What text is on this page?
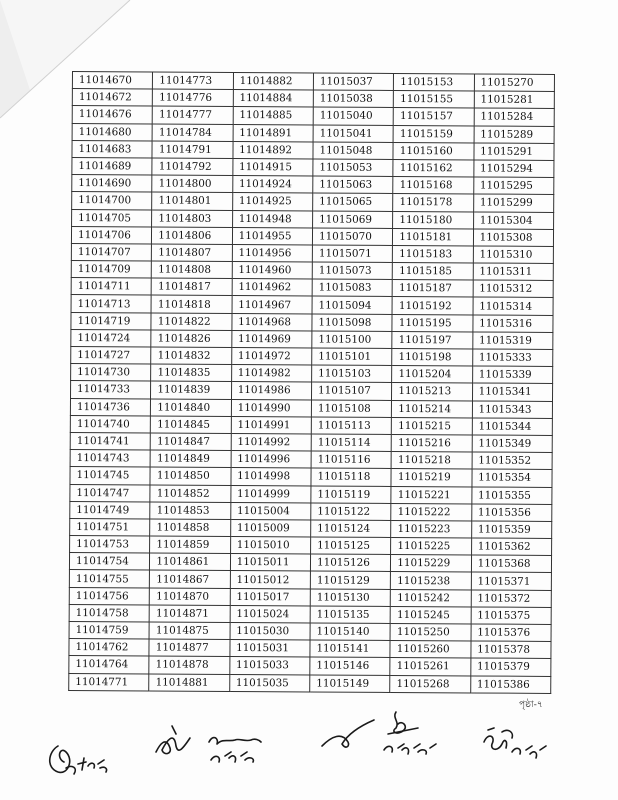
11014670	11014773	11014882	11015037	11015153	11015270
11014672	11014776	11014884	11015038	11015155	11015281
11014676	11014777	11014885	11015040	11015157	11015284
11014680	11014784	11014891	11015041	11015159	11015289
11014683	11014791	11014892	11015048	11015160	11015291
11014689	11014792	11014915	11015053	11015162	11015294
11014690	11014800	11014924	11015063	11015168	11015295
11014700	11014801	11014925	11015065	11015178	11015299
11014705	11014803	11014948	11015069	11015180	11015304
11014706	11014806	11014955	11015070	11015181	11015308
11014707	11014807	11014956	11015071	11015183	11015310
11014709	11014808	11014960	11015073	11015185	11015311
11014711	11014817	11014962	11015083	11015187	11015312
11014713	11014818	11014967	11015094	11015192	11015314
11014719	11014822	11014968	11015098	11015195	11015316
11014724	11014826	11014969	11015100	11015197	11015319
11014727	11014832	11014972	11015101	11015198	11015333
11014730	11014835	11014982	11015103	11015204	11015339
11014733	11014839	11014986	11015107	11015213	11015341
11014736	11014840	11014990	11015108	11015214	11015343
11014740	11014845	11014991	11015113	11015215	11015344
11014741	11014847	11014992	11015114	11015216	11015349
11014743	11014849	11014996	11015116	11015218	11015352
11014745	11014850	11014998	11015118	11015219	11015354
11014747	11014852	11014999	11015119	11015221	11015355
11014749	11014853	11015004	11015122	11015222	11015356
11014751	11014858	11015009	11015124	11015223	11015359
11014753	11014859	11015010	11015125	11015225	11015362
11014754	11014861	11015011	11015126	11015229	11015368
11014755	11014867	11015012	11015129	11015238	11015371
11014756	11014870	11015017	11015130	11015242	11015372
11014758	11014871	11015024	11015135	11015245	11015375
11014759	11014875	11015030	11015140	11015250	11015376
11014762	11014877	11015031	11015141	11015260	11015378
11014764	11014878	11015033	11015146	11015261	11015379
11014771	11014881	11015035	11015149	11015268	11015386
পৃষ্ঠা-৭
